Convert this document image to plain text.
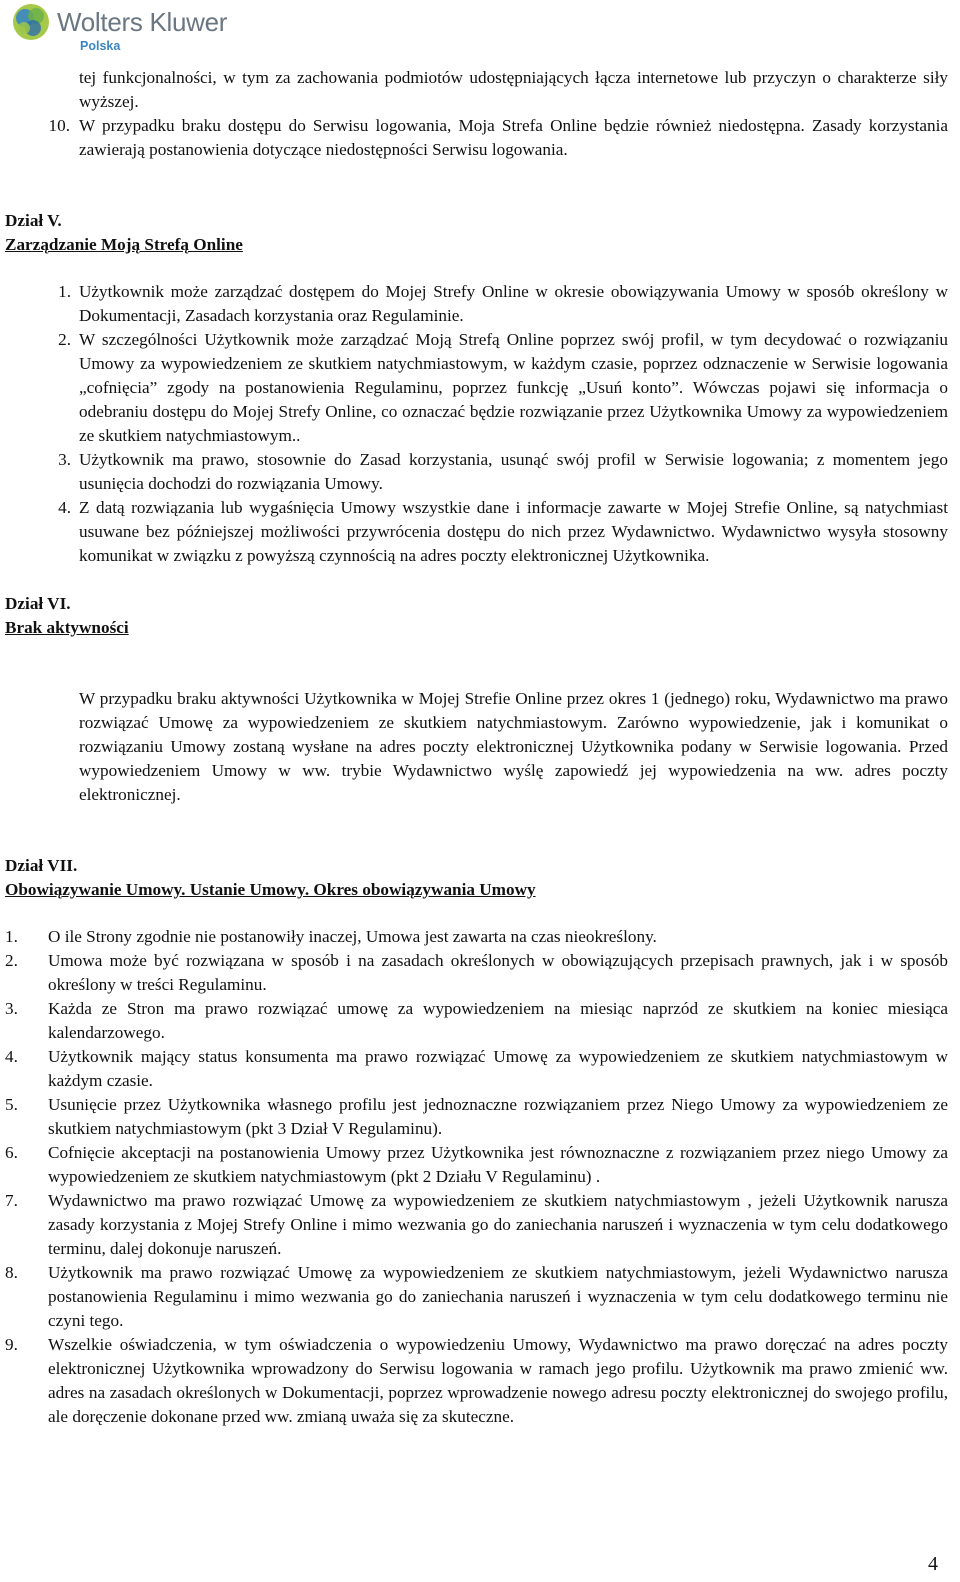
Wolters Kluwer
Polska

tej funkcjonalności, w tym za zachowania podmiotów udostępniających łącza internetowe lub przyczyn o charakterze siły wyższej.

10. W przypadku braku dostępu do Serwisu logowania, Moja Strefa Online będzie również niedostępna. Zasady korzystania zawierają postanowienia dotyczące niedostępności Serwisu logowania.

Dział V.
Zarządzanie Moją Strefą Online
1. Użytkownik może zarządzać dostępem do Mojej Strefy Online w okresie obowiązywania Umowy w sposób określony w Dokumentacji, Zasadach korzystania oraz Regulaminie.

2. W szczególności Użytkownik może zarządzać Moją Strefą Online poprzez swój profil, w tym decydować o rozwiązaniu Umowy za wypowiedzeniem ze skutkiem natychmiastowym, w każdym czasie, poprzez odznaczenie w Serwisie logowania „cofnięcia” zgody na postanowienia Regulaminu, poprzez funkcję „Usuń konto”. Wówczas pojawi się informacja o odebraniu dostępu do Mojej Strefy Online, co oznaczać będzie rozwiązanie przez Użytkownika Umowy za wypowiedzeniem ze skutkiem natychmiastowym..

3. Użytkownik ma prawo, stosownie do Zasad korzystania, usunąć swój profil w Serwisie logowania; z momentem jego usunięcia dochodzi do rozwiązania Umowy.

4. Z datą rozwiązania lub wygaśnięcia Umowy wszystkie dane i informacje zawarte w Mojej Strefie Online, są natychmiast usuwane bez późniejszej możliwości przywrócenia dostępu do nich przez Wydawnictwo. Wydawnictwo wysyła stosowny komunikat w związku z powyższą czynnością na adres poczty elektronicznej Użytkownika.

Dział VI.
Brak aktywności

W przypadku braku aktywności Użytkownika w Mojej Strefie Online przez okres 1 (jednego) roku, Wydawnictwo ma prawo rozwiązać Umowę za wypowiedzeniem ze skutkiem natychmiastowym. Zarówno wypowiedzenie, jak i komunikat o rozwiązaniu Umowy zostaną wysłane na adres poczty elektronicznej Użytkownika podany w Serwisie logowania. Przed wypowiedzeniem Umowy w ww. trybie Wydawnictwo wyślę zapowiedź jej wypowiedzenia na ww. adres poczty elektronicznej.

Dział VII.
Obowiązywanie Umowy. Ustanie Umowy. Okres obowiązywania Umowy
1. O ile Strony zgodnie nie postanowiły inaczej, Umowa jest zawarta na czas nieokreślony.

2. Umowa może być rozwiązana w sposób i na zasadach określonych w obowiązujących przepisach prawnych, jak i w sposób określony w treści Regulaminu.

3. Każda ze Stron ma prawo rozwiązać umowę za wypowiedzeniem na miesiąc naprzód ze skutkiem na koniec miesiąca kalendarzowego.

4. Użytkownik mający status konsumenta ma prawo rozwiązać Umowę za wypowiedzeniem ze skutkiem natychmiastowym w każdym czasie.

5. Usunięcie przez Użytkownika własnego profilu jest jednoznaczne rozwiązaniem przez Niego Umowy za wypowiedzeniem ze skutkiem natychmiastowym (pkt 3 Dział V Regulaminu).

6. Cofnięcie akceptacji na postanowienia Umowy przez Użytkownika jest równoznaczne z rozwiązaniem przez niego Umowy za wypowiedzeniem ze skutkiem natychmiastowym (pkt 2 Działu V Regulaminu) .

7. Wydawnictwo ma prawo rozwiązać Umowę za wypowiedzeniem ze skutkiem natychmiastowym , jeżeli Użytkownik narusza zasady korzystania z Mojej Strefy Online i mimo wezwania go do zaniechania naruszeń i wyznaczenia w tym celu dodatkowego terminu, dalej dokonuje naruszeń.

8. Użytkownik ma prawo rozwiązać Umowę za wypowiedzeniem ze skutkiem natychmiastowym, jeżeli Wydawnictwo narusza postanowienia Regulaminu i mimo wezwania go do zaniechania naruszeń i wyznaczenia w tym celu dodatkowego terminu nie czyni tego.

9. Wszelkie oświadczenia, w tym oświadczenia o wypowiedzeniu Umowy, Wydawnictwo ma prawo doręczać na adres poczty elektronicznej Użytkownika wprowadzony do Serwisu logowania w ramach jego profilu. Użytkownik ma prawo zmienić ww. adres na zasadach określonych w Dokumentacji, poprzez wprowadzenie nowego adresu poczty elektronicznej do swojego profilu, ale doręczenie dokonane przed ww. zmianą uważa się za skuteczne.

4
